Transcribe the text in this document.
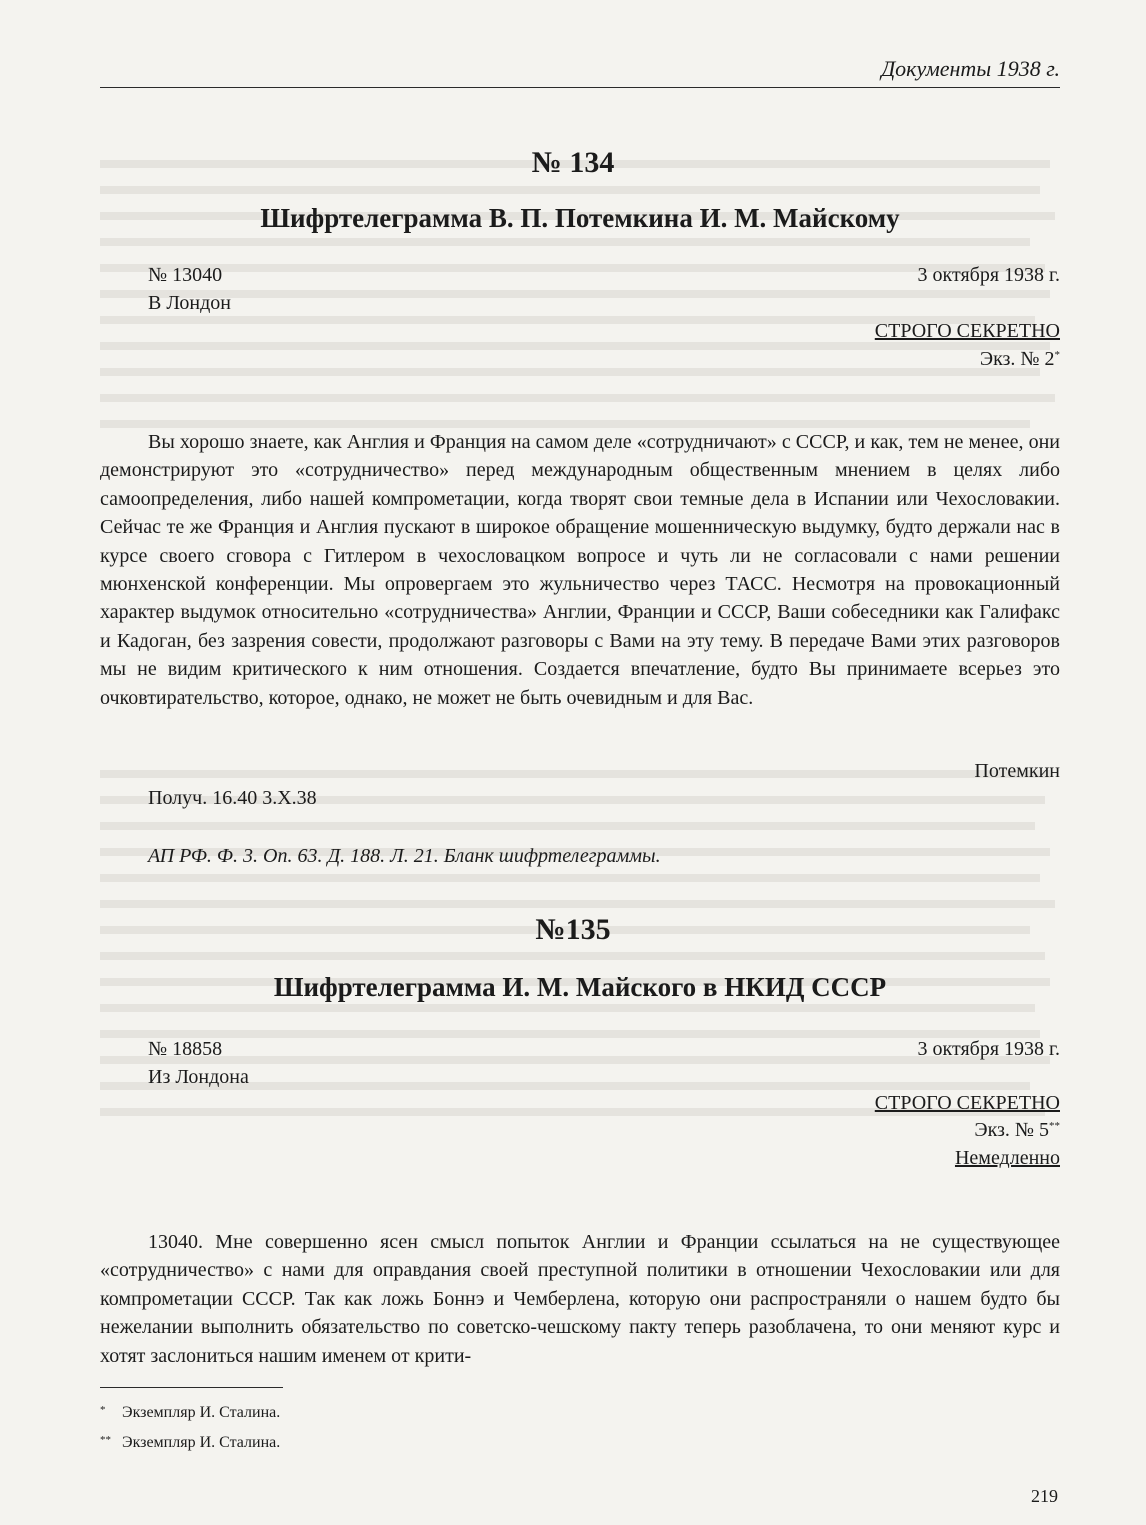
Документы 1938 г.
№ 134
Шифртелеграмма В. П. Потемкина И. М. Майскому
№ 13040	3 октября 1938 г.
В Лондон
СТРОГО СЕКРЕТНО
Экз. № 2*

Вы хорошо знаете, как Англия и Франция на самом деле «сотрудничают» с СССР, и как, тем не менее, они демонстрируют это «сотрудничество» перед международным общественным мнением в целях либо самоопределения, либо нашей компрометации, когда творят свои темные дела в Испании или Чехословакии. Сейчас те же Франция и Англия пускают в широкое обращение мошенническую выдумку, будто держали нас в курсе своего сговора с Гитлером в чехословацком вопросе и чуть ли не согласовали с нами решении мюнхенской конференции. Мы опровергаем это жульничество через ТАСС. Несмотря на провокационный характер выдумок относительно «сотрудничества» Англии, Франции и СССР, Ваши собеседники как Галифакс и Кадоган, без зазрения совести, продолжают разговоры с Вами на эту тему. В передаче Вами этих разговоров мы не видим критического к ним отношения. Создается впечатление, будто Вы принимаете всерьез это очковтирательство, которое, однако, не может не быть очевидным и для Вас.

Потемкин
Получ. 16.40 3.X.38
АП РФ. Ф. 3. Оп. 63. Д. 188. Л. 21. Бланк шифртелеграммы.
№135
Шифртелеграмма И. М. Майского в НКИД СССР
№ 18858	3 октября 1938 г.
Из Лондона
СТРОГО СЕКРЕТНО
Экз. № 5**
Немедленно

13040. Мне совершенно ясен смысл попыток Англии и Франции ссылаться на не существующее «сотрудничество» с нами для оправдания своей преступной политики в отношении Чехословакии или для компрометации СССР. Так как ложь Боннэ и Чемберлена, которую они распространяли о нашем будто бы нежелании выполнить обязательство по советско-чешскому пакту теперь разоблачена, то они меняют курс и хотят заслониться нашим именем от крити-

* Экземпляр И. Сталина.
** Экземпляр И. Сталина.
219
